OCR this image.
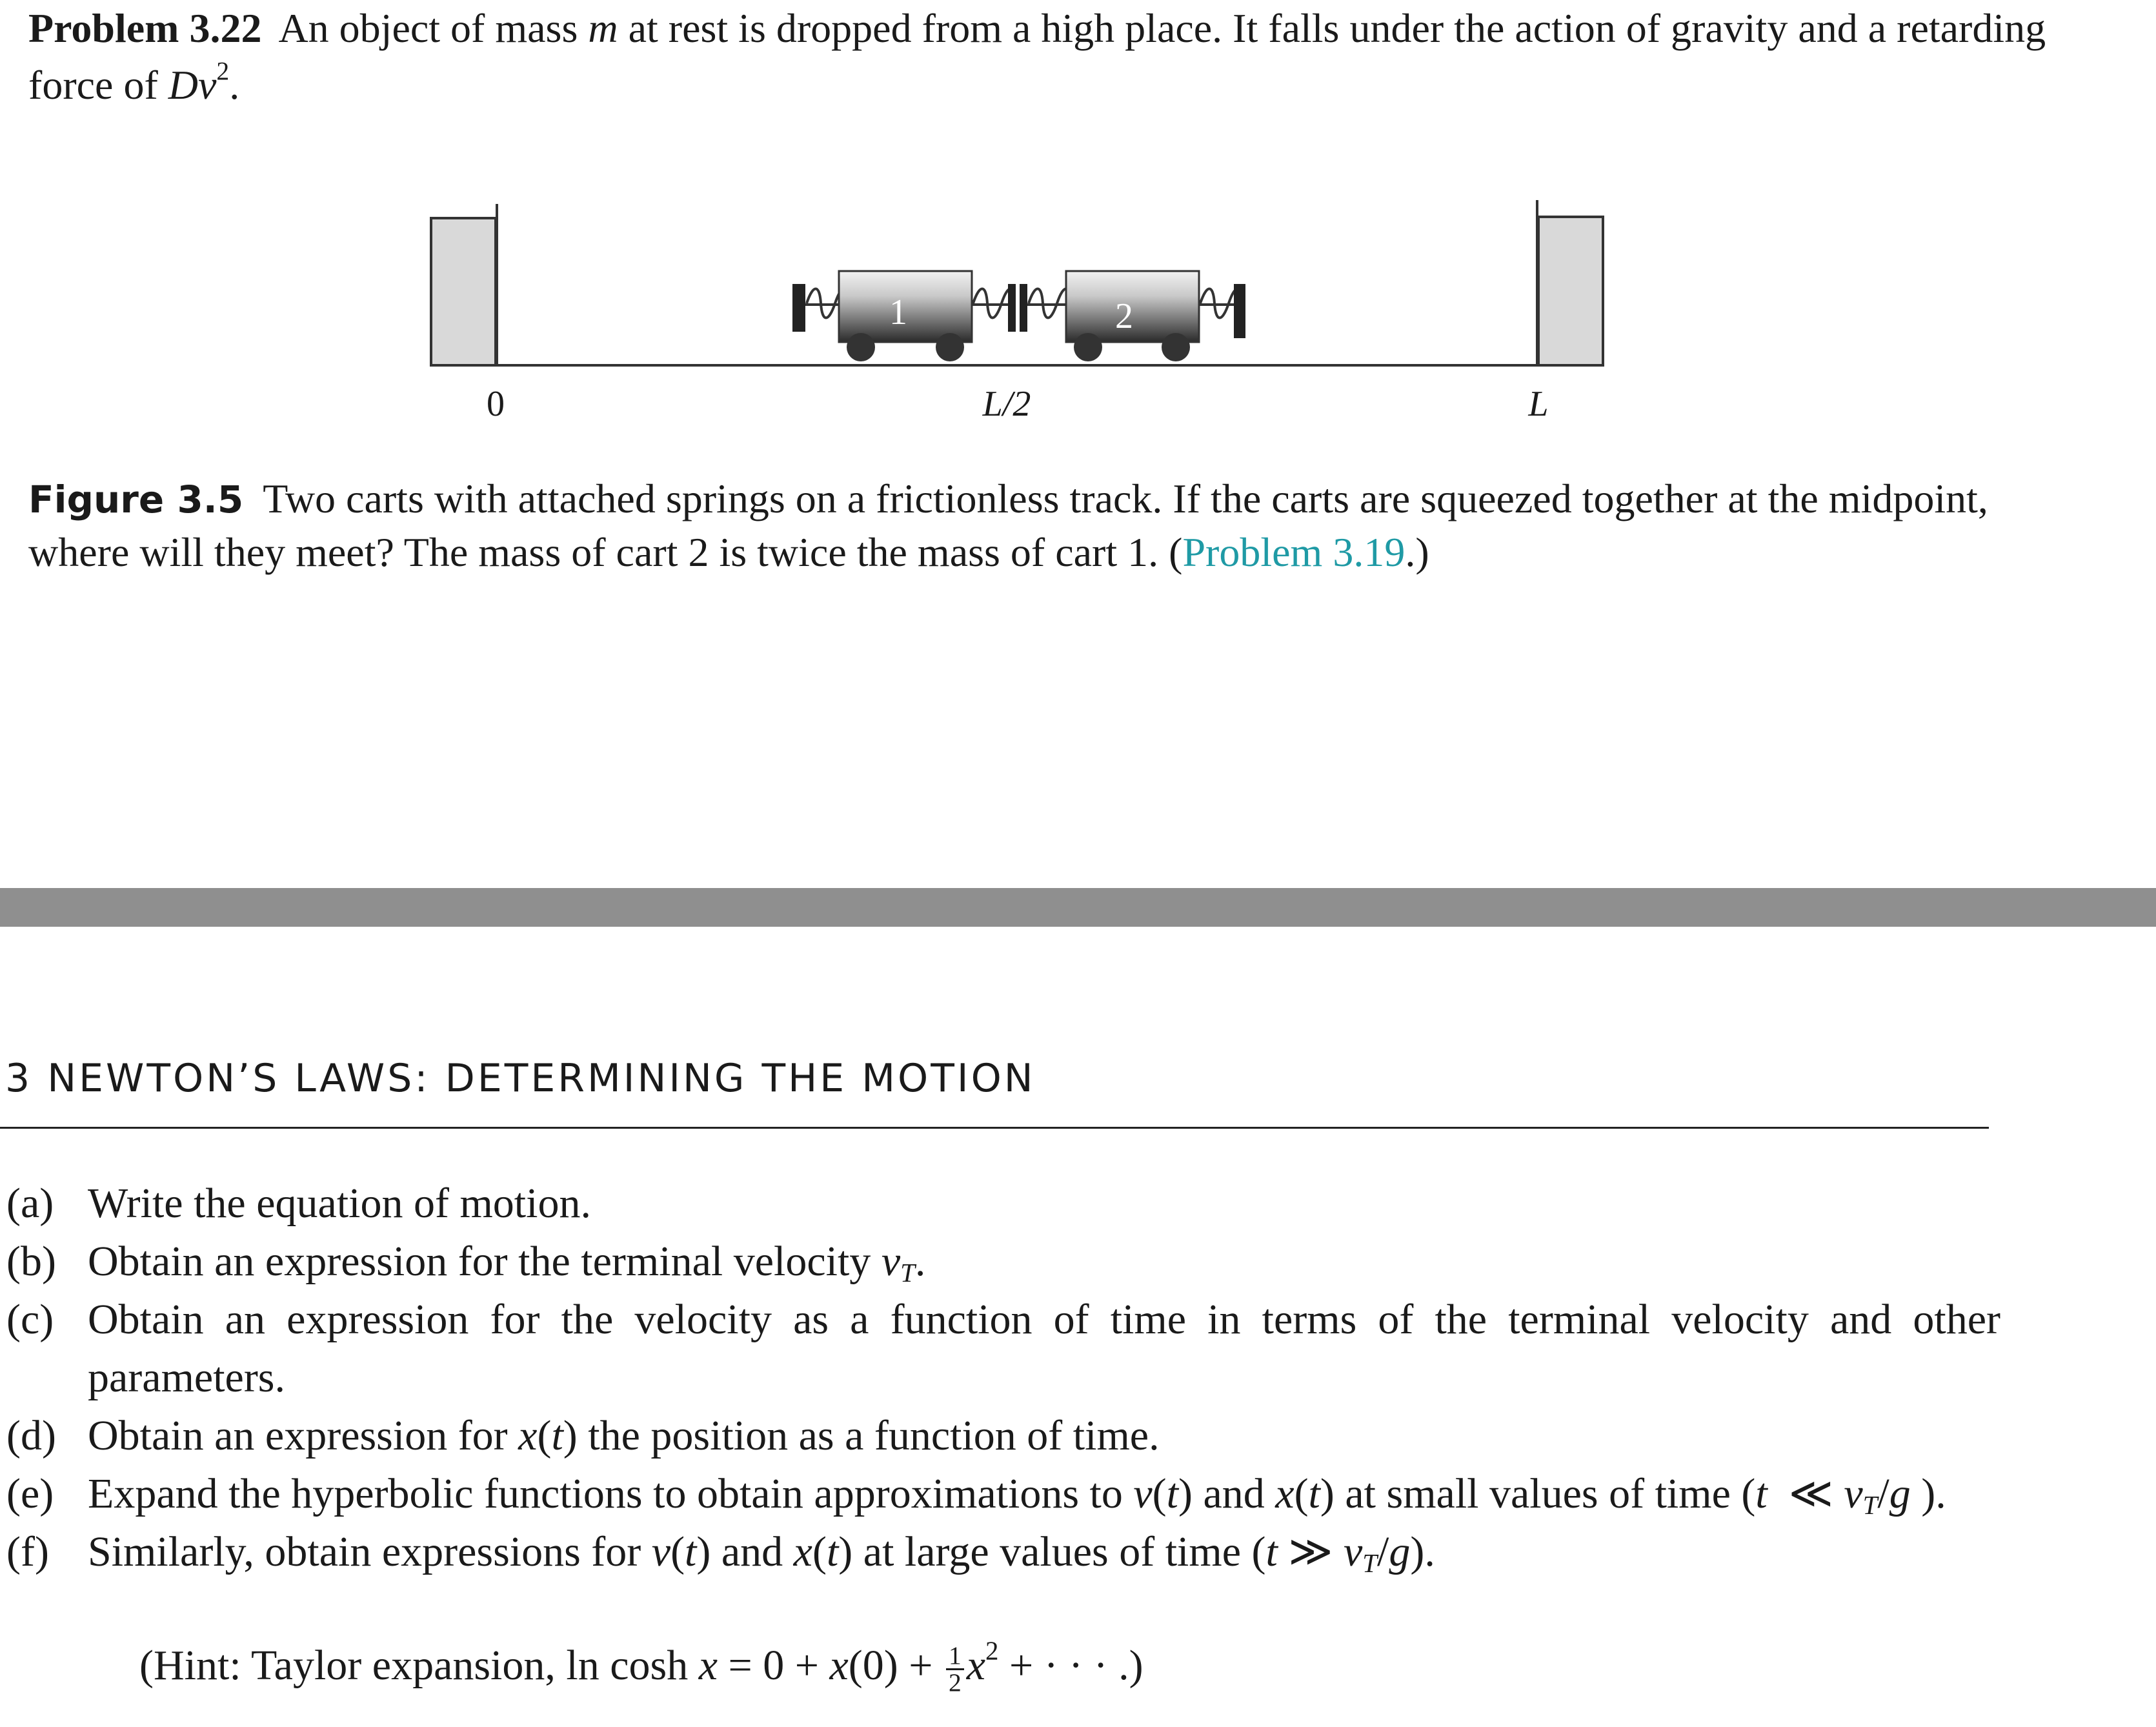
Problem 3.22 An object of mass m at rest is dropped from a high place. It falls under the action of gravity and a retarding force of Dv$^2$.
1	2
0	L/2	L
Figure 3.5 Two carts with attached springs on a frictionless track. If the carts are squeezed together at the midpoint, where will they meet? The mass of cart 2 is twice the mass of cart 1. (Problem 3.19.)
3 NEWTON’S LAWS: DETERMINING THE MOTION
(a) Write the equation of motion.
(b) Obtain an expression for the terminal velocity $v_T$.
(c) Obtain an expression for the velocity as a function of time in terms of the terminal velocity and other parameters.
(d) Obtain an expression for x(t) the position as a function of time.
(e) Expand the hyperbolic functions to obtain approximations to v(t) and x(t) at small values of time (t  ≪ $v_T/g$ ).
(f) Similarly, obtain expressions for v(t) and x(t) at large values of time (t ≫ $v_T/g$).
(Hint: Taylor expansion, $\ln \cosh x = 0 + x(0) + \frac{1}{2} x^2$ + · · · .)
